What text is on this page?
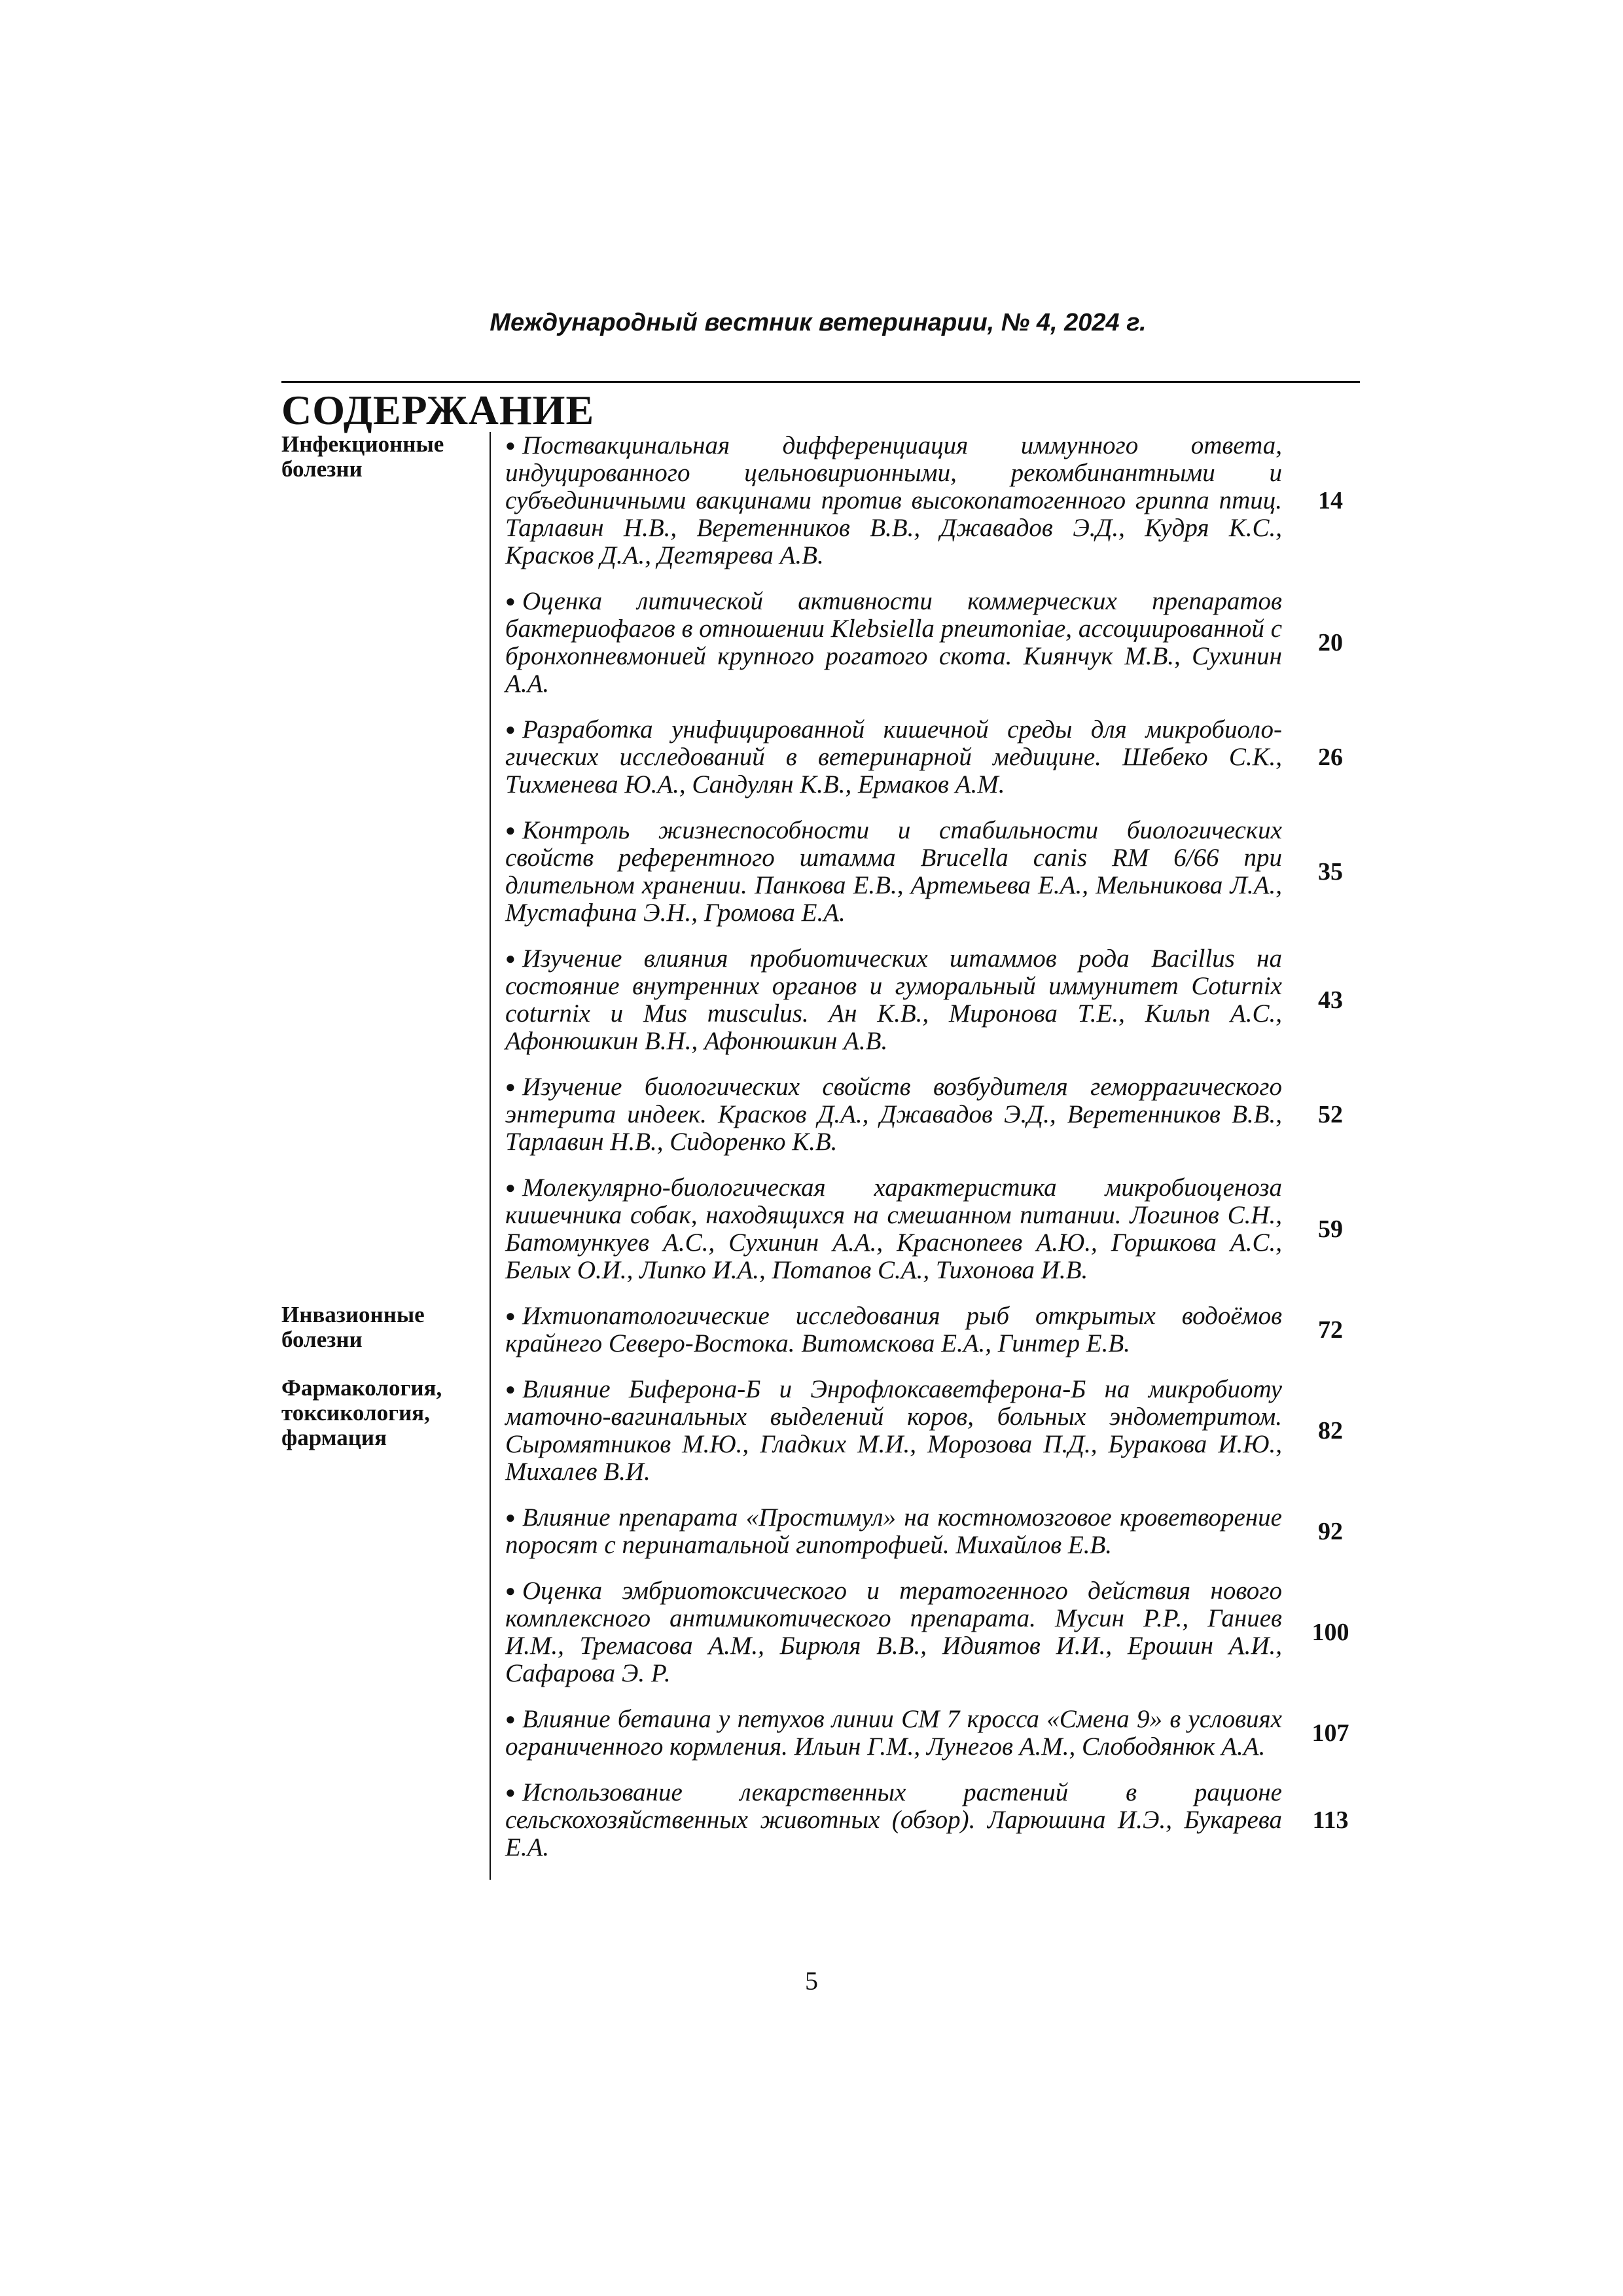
Международный вестник ветеринарии, № 4, 2024 г.
СОДЕРЖАНИЕ
Инфекционные болезни	● Поствакцинальная дифференциация иммунного ответа, индуцированного цельновирионными, рекомбинантными и субъединичными вакцинами против высокопатогенного гриппа птиц. Тарлавин Н.В., Веретенников В.В., Джавадов Э.Д., Кудря К.С., Красков Д.А., Дегтярева А.В.	14

	● Оценка литической активности коммерческих препаратов бактериофагов в отношении Klebsiella pneumoniae, ассоциированной с бронхопневмонией крупного рогатого скота. Киянчук М.В., Сухинин А.А.	20

	● Разработка унифицированной кишечной среды для микробиоло-гических исследований в ветеринарной медицине. Шебеко С.К., Тихменева Ю.А., Сандулян К.В., Ермаков А.М.	26

	● Контроль жизнеспособности и стабильности биологических свойств референтного штамма Brucella canis RM 6/66 при длительном хранении. Панкова Е.В., Артемьева Е.А., Мельникова Л.А., Мустафина Э.Н., Громова Е.А.	35

	● Изучение влияния пробиотических штаммов рода Bacillus на состояние внутренних органов и гуморальный иммунитет Coturnix coturnix и Mus musculus. Ан К.В., Миронова Т.Е., Кильп А.С., Афонюшкин В.Н., Афонюшкин А.В.	43

	● Изучение биологических свойств возбудителя геморрагического энтерита индеек. Красков Д.А., Джавадов Э.Д., Веретенников В.В., Тарлавин Н.В., Сидоренко К.В.	52

	● Молекулярно-биологическая характеристика микробиоценоза кишечника собак, находящихся на смешанном питании. Логинов С.Н., Батомункуев А.С., Сухинин А.А., Краснопеев А.Ю., Горшкова А.С., Белых О.И., Липко И.А., Потапов С.А., Тихонова И.В.	59

Инвазионные болезни	● Ихтиопатологические исследования рыб открытых водоёмов крайнего Северо-Востока. Витомскова Е.А., Гинтер Е.В.	72

Фармакология, токсикология, фармация	● Влияние Биферона-Б и Энрофлоксаветферона-Б на микробиоту маточно-вагинальных выделений коров, больных эндометритом. Сыромятников М.Ю., Гладких М.И., Морозова П.Д., Буракова И.Ю., Михалев В.И.	82

	● Влияние препарата «Простимул» на костномозговое кроветворение поросят с перинатальной гипотрофией. Михайлов Е.В.	92

	● Оценка эмбриотоксического и тератогенного действия нового комплексного антимикотического препарата. Мусин Р.Р., Ганиев И.М., Тремасова А.М., Бирюля В.В., Идиятов И.И., Ерошин А.И., Сафарова Э. Р.	100

	● Влияние бетаина у петухов линии СМ 7 кросса «Смена 9» в условиях ограниченного кормления. Ильин Г.М., Лунегов А.М., Слободянюк А.А.	107

	● Использование лекарственных растений в рационе сельскохозяйственных животных (обзор). Ларюшина И.Э., Букарева Е.А.	113
5
